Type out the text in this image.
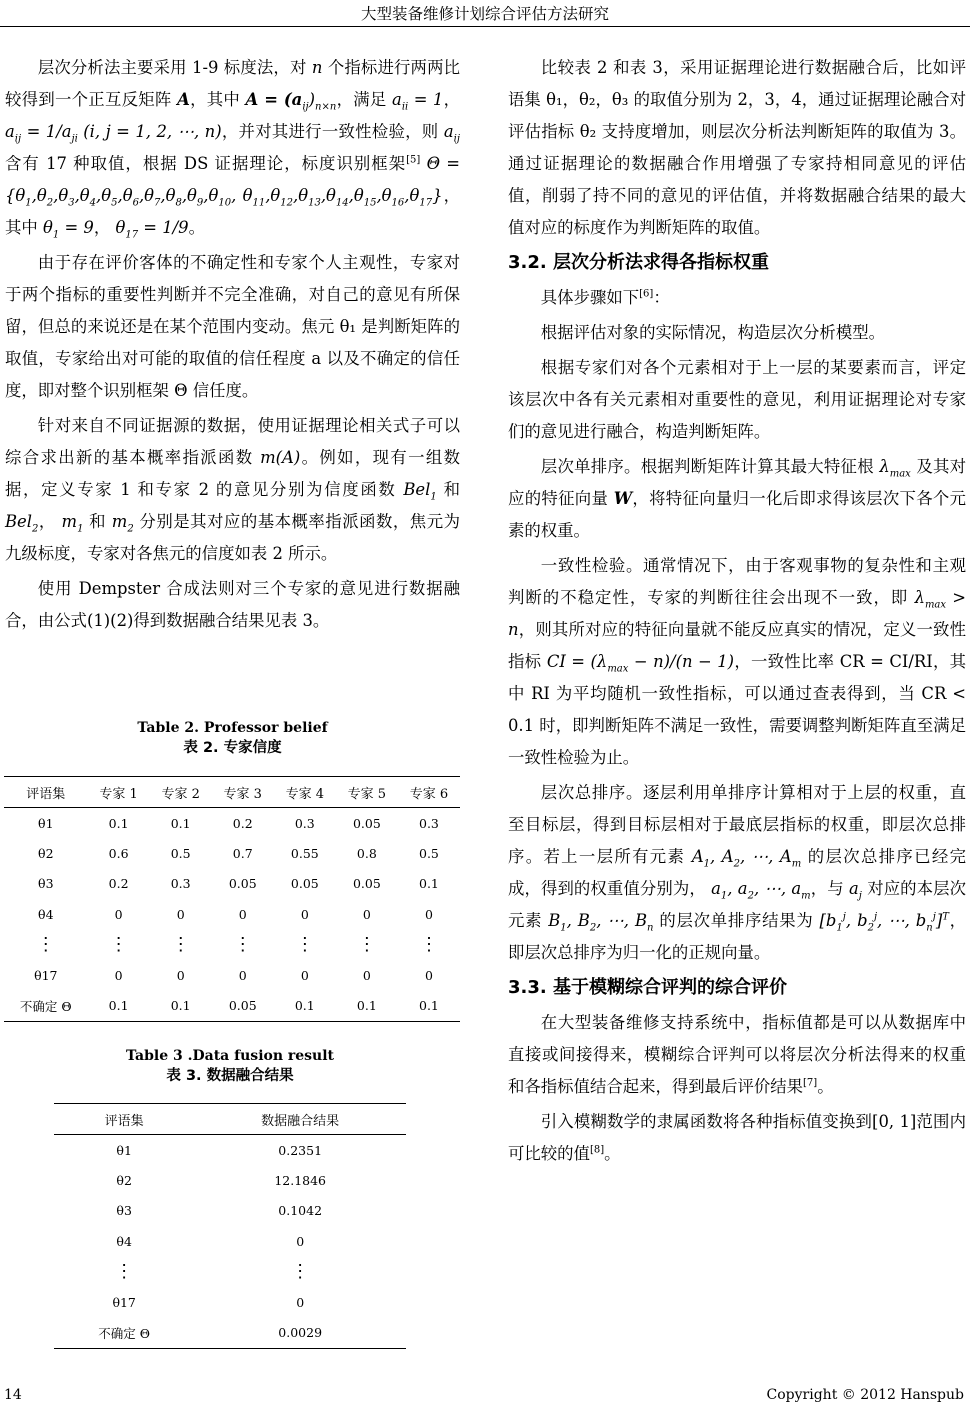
大型装备维修计划综合评估方法研究

层次分析法主要采用 1-9 标度法，对 n 个指标进行两两比较得到一个正互反矩阵 A，其中 $A = (a_{ij})_{n\times n}$，满足 $a_{ii} = 1$， $a_{ij} = 1/a_{ji}$ (i, j = 1, 2, ⋯, n)，并对其进行一致性检验，则 $a_{ij}$ 含有 17 种取值，根据 DS 证据理论，标度识别框架[5] $\Theta = \{\theta_1,\theta_2,\theta_3,\theta_4,\theta_5,\theta_6,\theta_7,\theta_8,\theta_9,\theta_{10}$, $\theta_{11},\theta_{12},\theta_{13},\theta_{14},\theta_{15},\theta_{16},\theta_{17}$}，其中 $\theta_1 = 9$， $\theta_{17} = 1/9$。

由于存在评价客体的不确定性和专家个人主观性，专家对于两个指标的重要性判断并不完全准确，对自己的意见有所保留，但总的来说还是在某个范围内变动。焦元 θ₁ 是判断矩阵的取值，专家给出对可能的取值的信任程度 a 以及不确定的信任度，即对整个识别框架 Θ 信任度。

针对来自不同证据源的数据，使用证据理论相关式子可以综合求出新的基本概率指派函数 m(A)。例如，现有一组数据，定义专家 1 和专家 2 的意见分别为信度函数 Bel$_1$ 和 Bel$_2$， $m_1$ 和 $m_2$ 分别是其对应的基本概率指派函数，焦元为九级标度，专家对各焦元的信度如表 2 所示。

使用 Dempster 合成法则对三个专家的意见进行数据融合，由公式(1)(2)得到数据融合结果见表 3。

Table 2. Professor belief
表 2. 专家信度
评语集	专家 1	专家 2	专家 3	专家 4	专家 5	专家 6
θ1	0.1	0.1	0.2	0.3	0.05	0.3
θ2	0.6	0.5	0.7	0.55	0.8	0.5
θ3	0.2	0.3	0.05	0.05	0.05	0.1
θ4	0	0	0	0	0	0
⋮	⋮	⋮	⋮	⋮	⋮	⋮
θ17	0	0	0	0	0	0
不确定 Θ	0.1	0.1	0.05	0.1	0.1	0.1
Table 3 .Data fusion result
表 3. 数据融合结果
评语集	数据融合结果
θ1	0.2351
θ2	12.1846
θ3	0.1042
θ4	0
⋮	⋮
θ17	0
不确定 Θ	0.0029

比较表 2 和表 3，采用证据理论进行数据融合后，比如评语集 θ₁，θ₂，θ₃ 的取值分别为 2，3，4，通过证据理论融合对评估指标 θ₂ 支持度增加，则层次分析法判断矩阵的取值为 3。通过证据理论的数据融合作用增强了专家持相同意见的评估值，削弱了持不同的意见的评估值，并将数据融合结果的最大值对应的标度作为判断矩阵的取值。

3.2. 层次分析法求得各指标权重

具体步骤如下[6]：

根据评估对象的实际情况，构造层次分析模型。

根据专家们对各个元素相对于上一层的某要素而言，评定该层次中各有关元素相对重要性的意见，利用证据理论对专家们的意见进行融合，构造判断矩阵。

层次单排序。根据判断矩阵计算其最大特征根 $\lambda_{max}$ 及其对应的特征向量 W，将特征向量归一化后即求得该层次下各个元素的权重。

一致性检验。通常情况下，由于客观事物的复杂性和主观判断的不稳定性，专家的判断往往会出现不一致，即 $\lambda_{max} > n$，则其所对应的特征向量就不能反应真实的情况，定义一致性指标 CI = $(\lambda_{max} - n)/(n - 1)$，一致性比率 CR = CI/RI，其中 RI 为平均随机一致性指标，可以通过查表得到，当 CR < 0.1 时，即判断矩阵不满足一致性，需要调整判断矩阵直至满足一致性检验为止。

层次总排序。逐层利用单排序计算相对于上层的权重，直至目标层，得到目标层相对于最底层指标的权重，即层次总排序。若上一层所有元素 $A_1$, $A_2$, ⋯, $A_m$ 的层次总排序已经完成，得到的权重值分别为， $a_1$, $a_2$, ⋯, $a_m$，与 $a_j$ 对应的本层次元素 $B_1$, $B_2$, ⋯, $B_n$ 的层次单排序结果为 [$b_1^j$, $b_2^j$, ⋯, $b_n^j]^T$，即层次总排序为归一化的正规向量。

3.3. 基于模糊综合评判的综合评价

在大型装备维修支持系统中，指标值都是可以从数据库中直接或间接得来，模糊综合评判可以将层次分析法得来的权重和各指标值结合起来，得到最后评价结果[7]。

引入模糊数学的隶属函数将各种指标值变换到[0, 1]范围内可比较的值[8]。

14	Copyright © 2012 Hanspub
